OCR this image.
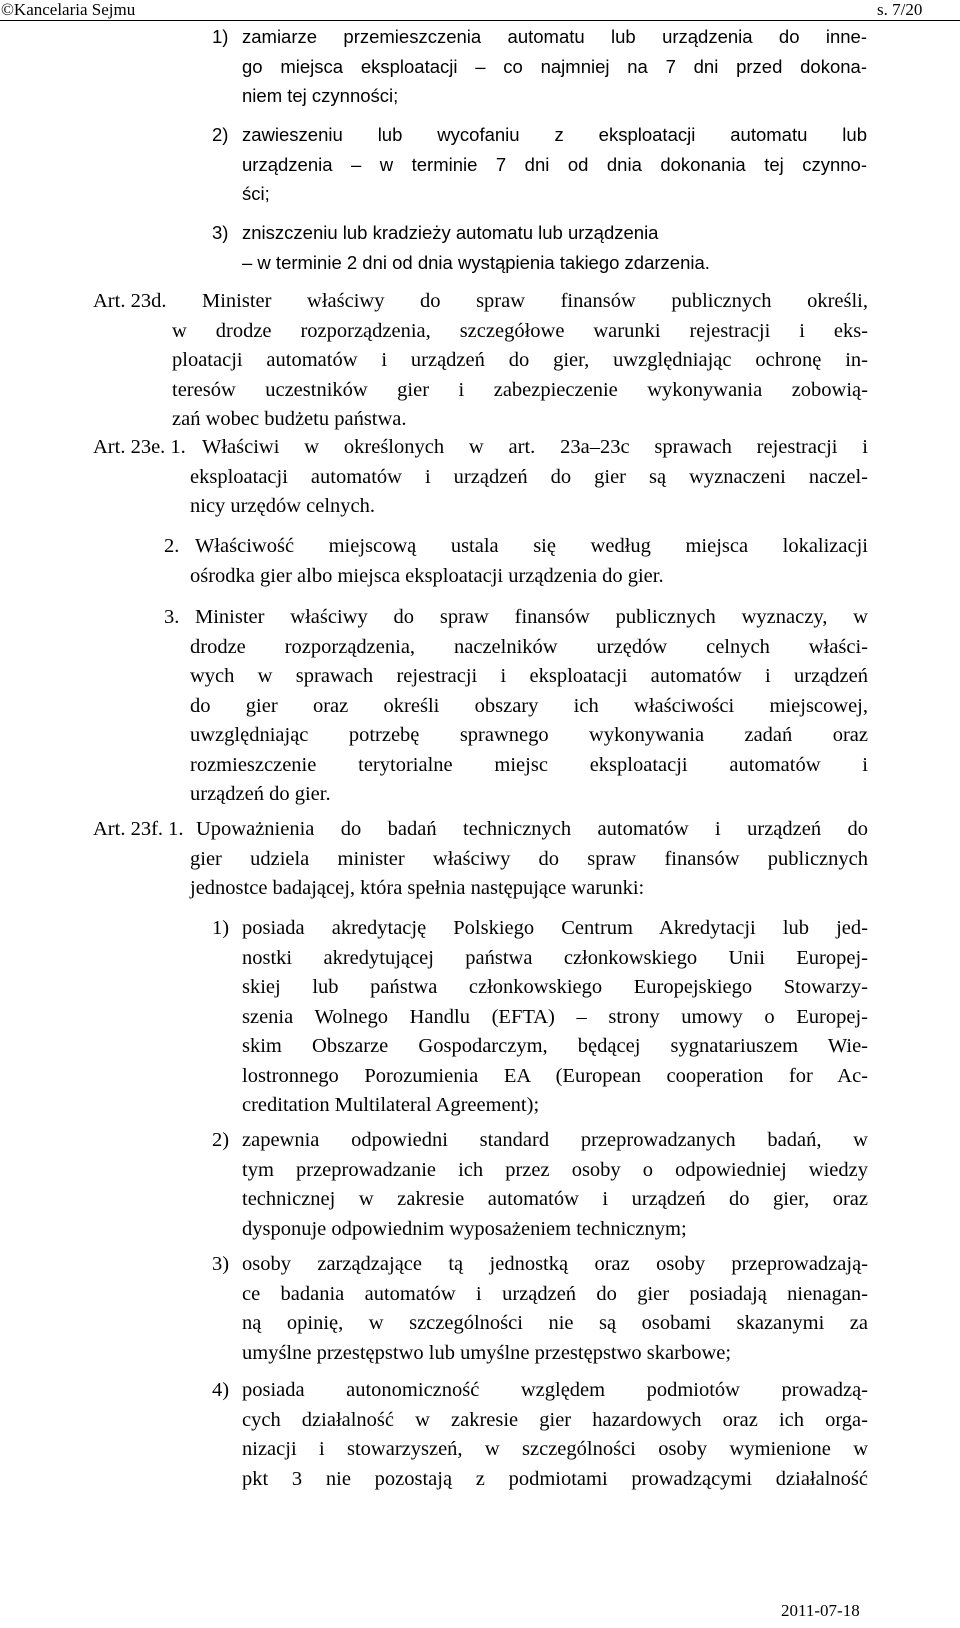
©Kancelaria Sejmu	s. 7/20
1) zamiarze przemieszczenia automatu lub urządzenia do inne-
go miejsca eksploatacji – co najmniej na 7 dni przed dokona-
niem tej czynności;
2) zawieszeniu lub wycofaniu z eksploatacji automatu lub
urządzenia – w terminie 7 dni od dnia dokonania tej czynno-
ści;
3) zniszczeniu lub kradzieży automatu lub urządzenia
– w terminie 2 dni od dnia wystąpienia takiego zdarzenia.
Art. 23d. Minister właściwy do spraw finansów publicznych określi,
w drodze rozporządzenia, szczegółowe warunki rejestracji i eks-
ploatacji automatów i urządzeń do gier, uwzględniając ochronę in-
teresów uczestników gier i zabezpieczenie wykonywania zobowią-
zań wobec budżetu państwa.
Art. 23e. 1. Właściwi w określonych w art. 23a–23c sprawach rejestracji i
eksploatacji automatów i urządzeń do gier są wyznaczeni naczel-
nicy urzędów celnych.
2. Właściwość miejscową ustala się według miejsca lokalizacji
ośrodka gier albo miejsca eksploatacji urządzenia do gier.
3. Minister właściwy do spraw finansów publicznych wyznaczy, w
drodze rozporządzenia, naczelników urzędów celnych właści-
wych w sprawach rejestracji i eksploatacji automatów i urządzeń
do gier oraz określi obszary ich właściwości miejscowej,
uwzględniając potrzebę sprawnego wykonywania zadań oraz
rozmieszczenie terytorialne miejsc eksploatacji automatów i
urządzeń do gier.
Art. 23f. 1. Upoważnienia do badań technicznych automatów i urządzeń do
gier udziela minister właściwy do spraw finansów publicznych
jednostce badającej, która spełnia następujące warunki:
1) posiada akredytację Polskiego Centrum Akredytacji lub jed-
nostki akredytującej państwa członkowskiego Unii Europej-
skiej lub państwa członkowskiego Europejskiego Stowarzy-
szenia Wolnego Handlu (EFTA) – strony umowy o Europej-
skim Obszarze Gospodarczym, będącej sygnatariuszem Wie-
lostronnego Porozumienia EA (European cooperation for Ac-
creditation Multilateral Agreement);
2) zapewnia odpowiedni standard przeprowadzanych badań, w
tym przeprowadzanie ich przez osoby o odpowiedniej wiedzy
technicznej w zakresie automatów i urządzeń do gier, oraz
dysponuje odpowiednim wyposażeniem technicznym;
3) osoby zarządzające tą jednostką oraz osoby przeprowadzają-
ce badania automatów i urządzeń do gier posiadają nienagan-
ną opinię, w szczególności nie są osobami skazanymi za
umyślne przestępstwo lub umyślne przestępstwo skarbowe;
4) posiada autonomiczność względem podmiotów prowadzą-
cych działalność w zakresie gier hazardowych oraz ich orga-
nizacji i stowarzyszeń, w szczególności osoby wymienione w
pkt 3 nie pozostają z podmiotami prowadzącymi działalność
2011-07-18
